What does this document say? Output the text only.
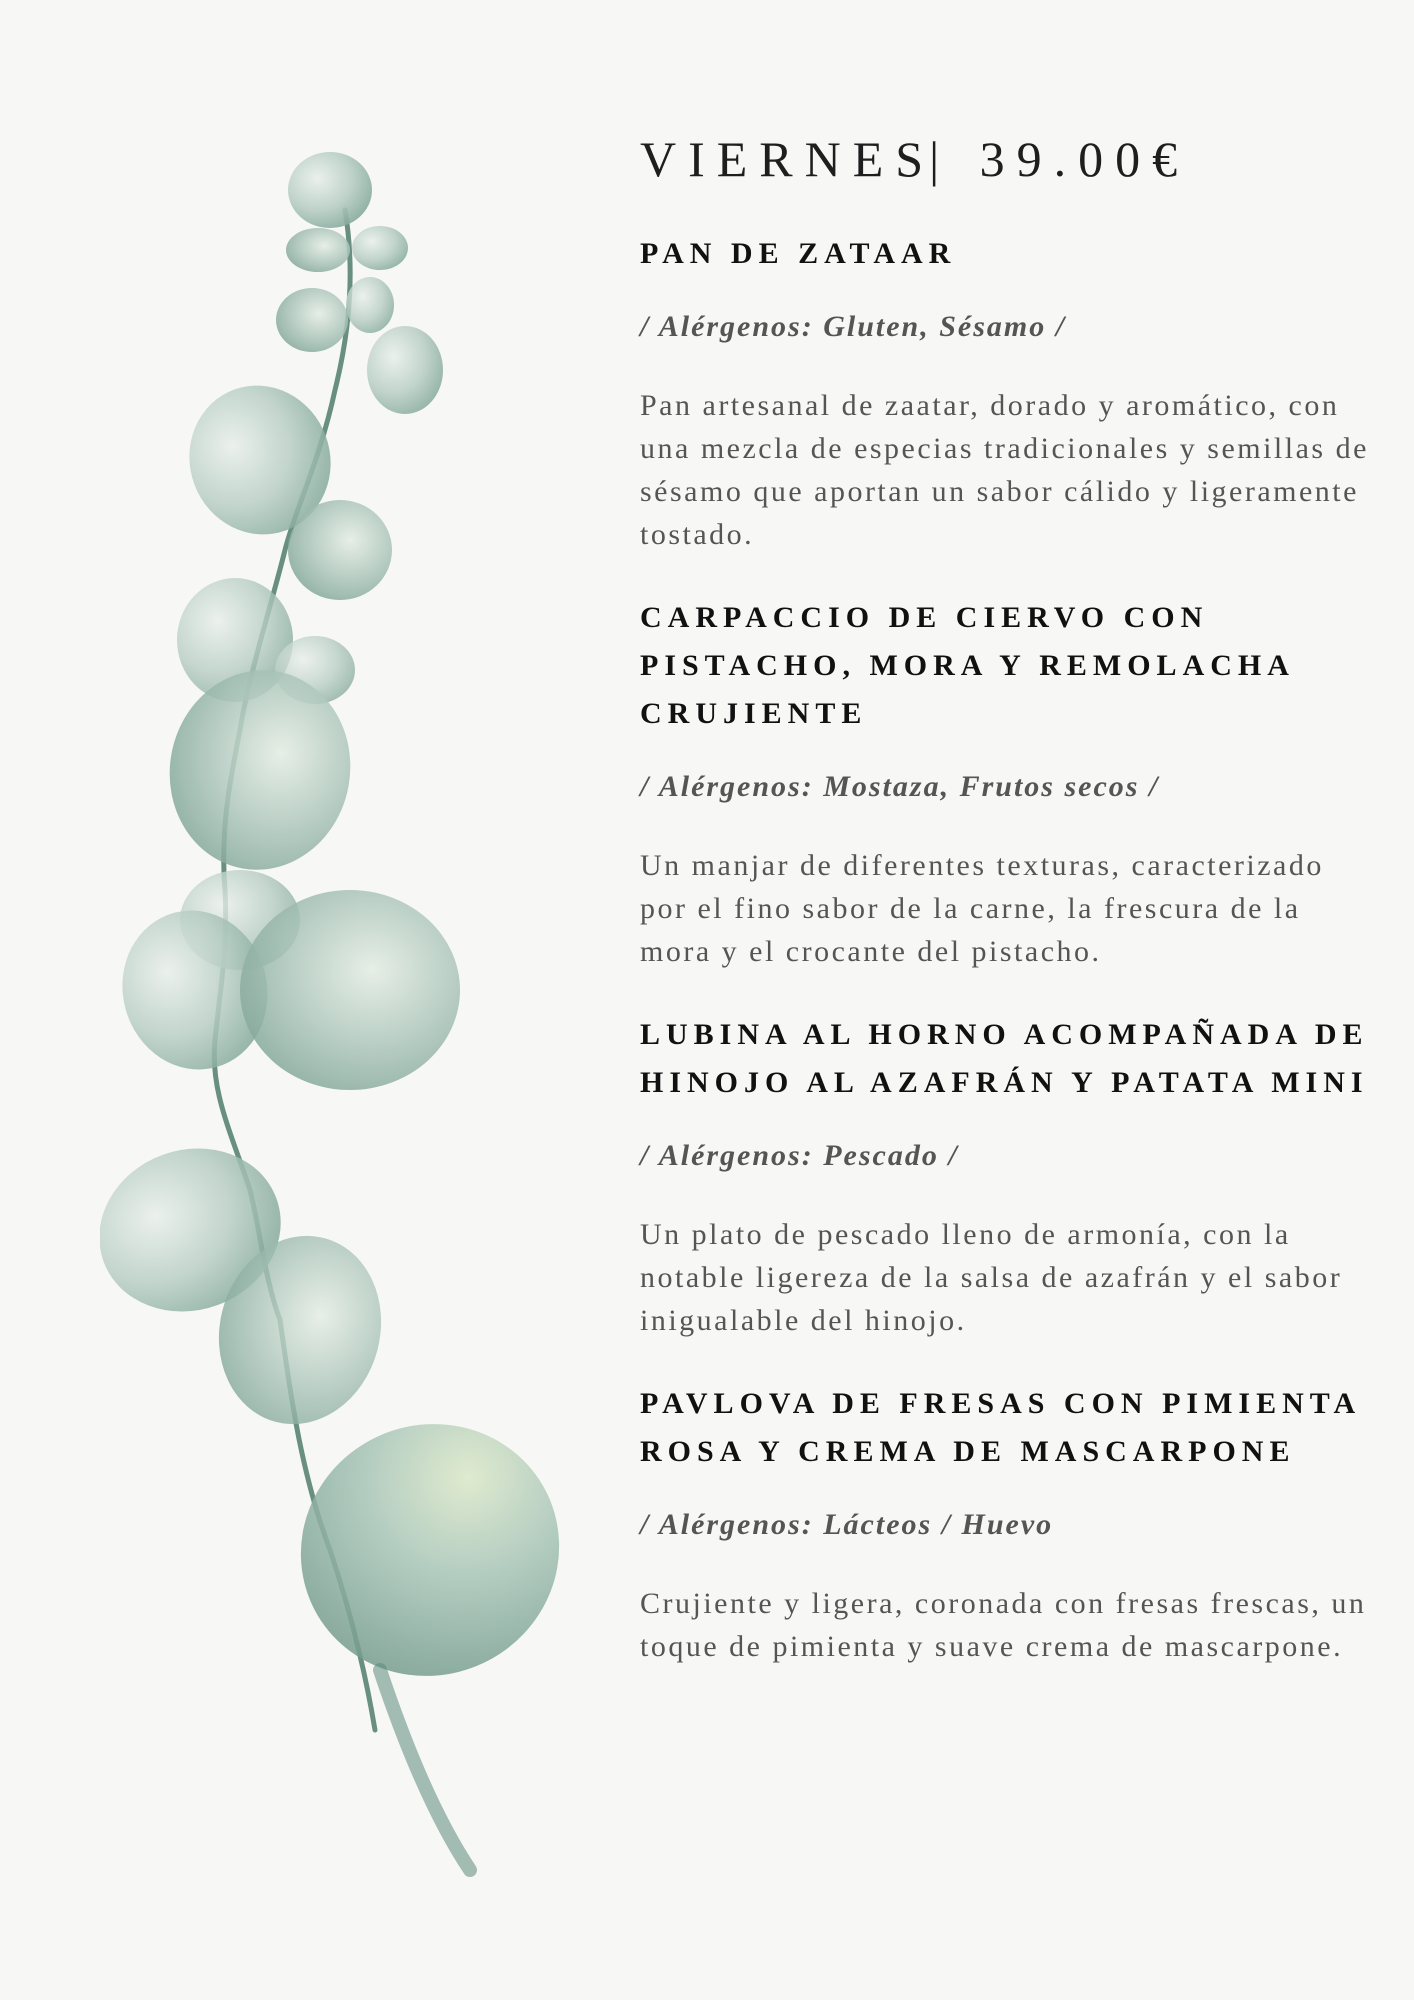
VIERNES| 39.00€
PAN DE ZATAAR
/ Alérgenos: Gluten, Sésamo /

Pan artesanal de zaatar, dorado y aromático, con una mezcla de especias tradicionales y semillas de sésamo que aportan un sabor cálido y ligeramente tostado.

CARPACCIO DE CIERVO CON PISTACHO, MORA Y REMOLACHA CRUJIENTE
/ Alérgenos: Mostaza, Frutos secos /

Un manjar de diferentes texturas, caracterizado por el fino sabor de la carne, la frescura de la mora y el crocante del pistacho.

LUBINA AL HORNO ACOMPAÑADA DE HINOJO AL AZAFRÁN Y PATATA MINI
/ Alérgenos: Pescado /

Un plato de pescado lleno de armonía, con la notable ligereza de la salsa de azafrán y el sabor inigualable del hinojo.

PAVLOVA DE FRESAS CON PIMIENTA ROSA Y CREMA DE MASCARPONE
/ Alérgenos: Lácteos / Huevo

Crujiente y ligera, coronada con fresas frescas, un toque de pimienta y suave crema de mascarpone.
